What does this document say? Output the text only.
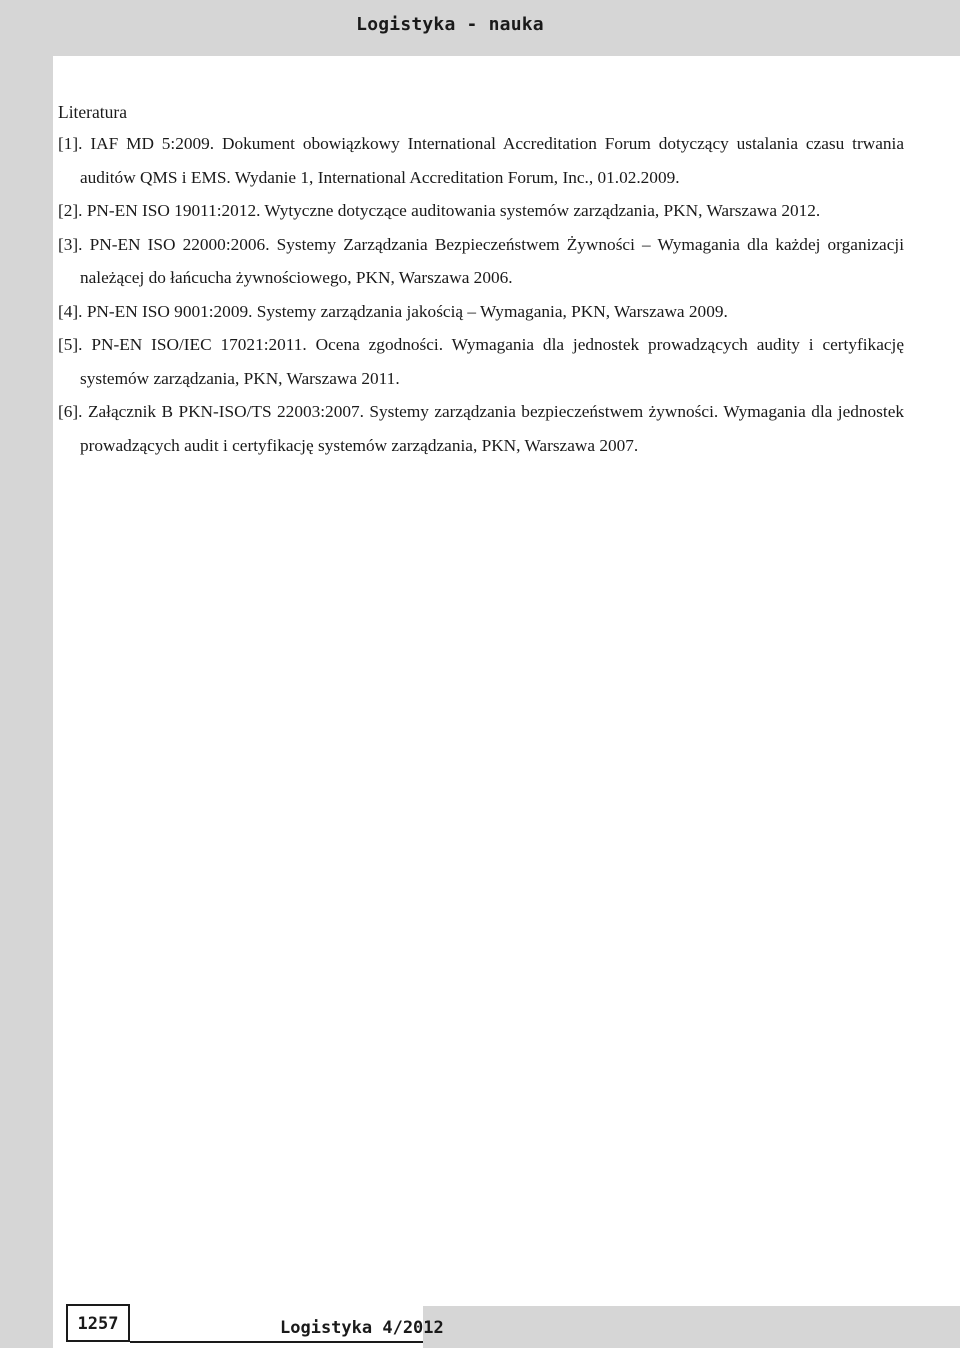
Logistyka - nauka
Literatura
[1]. IAF MD 5:2009. Dokument obowiązkowy International Accreditation Forum dotyczący ustalania czasu trwania auditów QMS i EMS. Wydanie 1, International Accreditation Forum, Inc., 01.02.2009.
[2]. PN-EN ISO 19011:2012. Wytyczne dotyczące auditowania systemów zarządzania, PKN, Warszawa 2012.
[3]. PN-EN ISO 22000:2006. Systemy Zarządzania Bezpieczeństwem Żywności – Wymagania dla każdej organizacji należącej do łańcucha żywnościowego, PKN, Warszawa 2006.
[4]. PN-EN ISO 9001:2009. Systemy zarządzania jakością – Wymagania, PKN, Warszawa 2009.
[5]. PN-EN ISO/IEC 17021:2011. Ocena zgodności. Wymagania dla jednostek prowadzących audity i certyfikację systemów zarządzania, PKN, Warszawa 2011.
[6]. Załącznik B PKN-ISO/TS 22003:2007. Systemy zarządzania bezpieczeństwem żywności. Wymagania dla jednostek prowadzących audit i certyfikację systemów zarządzania, PKN, Warszawa 2007.
1257	Logistyka 4/2012
